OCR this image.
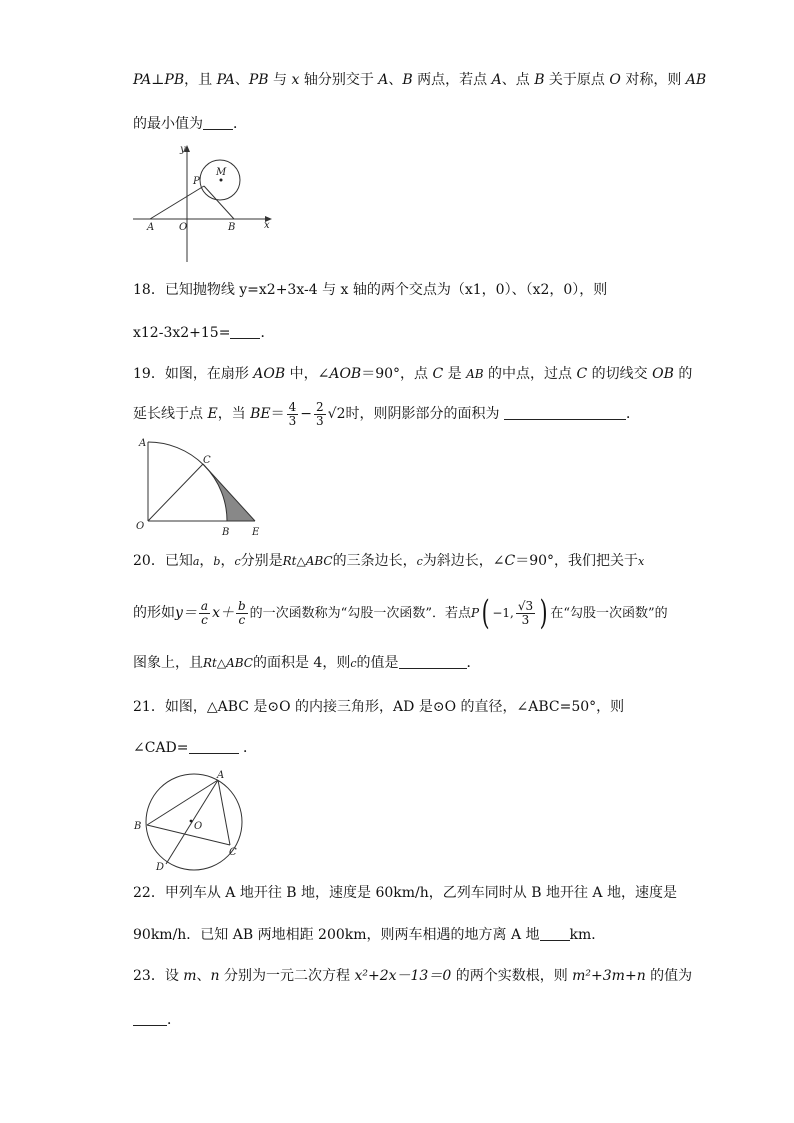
PA⊥PB，且 PA、PB 与 x 轴分别交于 A、B 两点，若点 A、点 B 关于原点 O 对称，则 AB
的最小值为 ．
y
x
M
P
A O	B
18．已知抛物线 y=x2+3x-4 与 x 轴的两个交点为（x1，0）、（x2，0），则
x12-3x2+15= ．
19．如图，在扇形 AOB 中，∠AOB＝90°，点 C 是 AB 的中点，过点 C 的切线交 OB 的
延长线于点 E，当 $BE= \frac{4}{3} - \frac{2}{3} √2$时，则阴影部分的面积为	．
A
C
O
B E
20．已知a，b，c分别是Rt△ABC的三条边长，c为斜边长，∠C＝90°，我们把关于x
的形如$y= \frac{a}{c} x+ \frac{b}{c}$ 的一次函数称为“勾股一次函数”．若点P( −1, $\frac{√3}{3}$ ) 在“勾股一次函数”的
图象上，且Rt△ABC的面积是 4，则c的值是	．
21．如图，△ABC 是⊙O 的内接三角形，AD 是⊙O 的直径，∠ABC=50°，则
∠CAD=	．
A
B	O
C
D
22．甲列车从 A 地开往 B 地，速度是 60km/h，乙列车同时从 B 地开往 A 地，速度是
90km/h．已知 AB 两地相距 200km，则两车相遇的地方离 A 地 km．
23．设 m、n 分别为一元二次方程 x²+2x－13＝0 的两个实数根，则 m²+3m+n 的值为
．
